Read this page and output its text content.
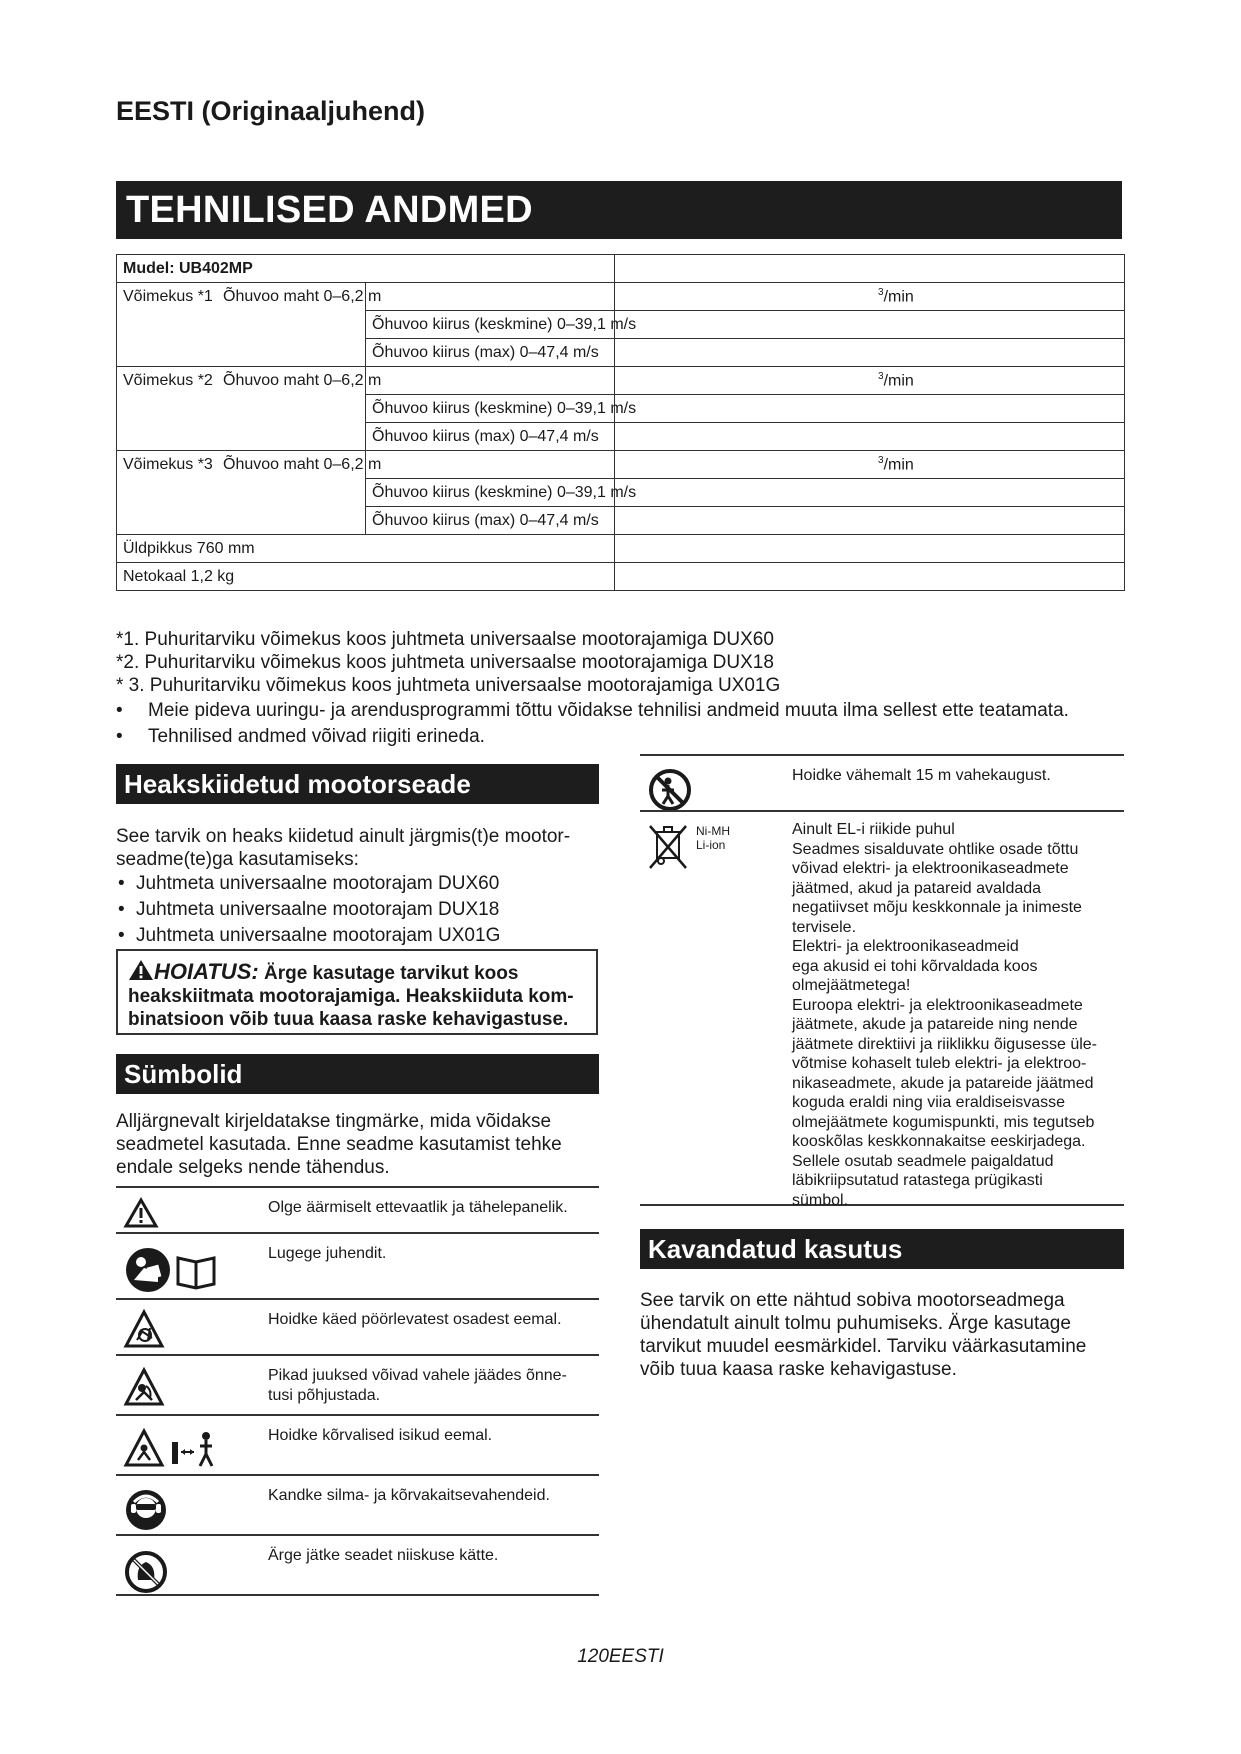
EESTI (Originaaljuhend)
TEHNILISED ANDMED
Mudel: UB402MP		
Võimekus *1	Õhuvoo maht 0–6,2 m	$^3$/min
	Õhuvoo kiirus (keskmine) 0–39,1 m/s	
	Õhuvoo kiirus (max) 0–47,4 m/s	
Võimekus *2	Õhuvoo maht 0–6,2 m	$^3$/min
	Õhuvoo kiirus (keskmine) 0–39,1 m/s	
	Õhuvoo kiirus (max) 0–47,4 m/s	
Võimekus *3	Õhuvoo maht 0–6,2 m	$^3$/min
	Õhuvoo kiirus (keskmine) 0–39,1 m/s	
	Õhuvoo kiirus (max) 0–47,4 m/s	
Üldpikkus 760 mm		
Netokaal 1,2 kg		
*1. Puhuritarviku võimekus koos juhtmeta universaalse mootorajamiga DUX60
*2. Puhuritarviku võimekus koos juhtmeta universaalse mootorajamiga DUX18
* 3. Puhuritarviku võimekus koos juhtmeta universaalse mootorajamiga UX01G
•	Meie pideva uuringu- ja arendusprogrammi tõttu võidakse tehnilisi andmeid muuta ilma sellest ette teatamata.
•	Tehnilised andmed võivad riigiti erineda.
Heakskiidetud mootorseade
See tarvik on heaks kiidetud ainult järgmis(t)e mootor-
seadme(te)ga kasutamiseks:
• Juhtmeta universaalne mootorajam DUX60
• Juhtmeta universaalne mootorajam DUX18
• Juhtmeta universaalne mootorajam UX01G
HOIATUS: Ärge kasutage tarvikut koos
heakskiitmata mootorajamiga. Heakskiiduta kom-
binatsioon võib tuua kaasa raske kehavigastuse.
Sümbolid
Alljärgnevalt kirjeldatakse tingmärke, mida võidakse
seadmetel kasutada. Enne seadme kasutamist tehke
endale selgeks nende tähendus.
Olge äärmiselt ettevaatlik ja tähelepanelik.
Lugege juhendit.
Hoidke käed pöörlevatest osadest eemal.
Pikad juuksed võivad vahele jäädes õnne-
tusi põhjustada.
Hoidke kõrvalised isikud eemal.
Kandke silma- ja kõrvakaitsevahendeid.
Ärge jätke seadet niiskuse kätte.
Hoidke vähemalt 15 m vahekaugust.
Ni-MH
Li-ion
Ainult EL-i riikide puhul
Seadmes sisalduvate ohtlike osade tõttu
võivad elektri- ja elektroonikaseadmete
jäätmed, akud ja patareid avaldada
negatiivset mõju keskkonnale ja inimeste
tervisele.
Elektri- ja elektroonikaseadmeid
ega akusid ei tohi kõrvaldada koos
olmejäätmetega!
Euroopa elektri- ja elektroonikaseadmete
jäätmete, akude ja patareide ning nende
jäätmete direktiivi ja riiklikku õigusesse üle-
võtmise kohaselt tuleb elektri- ja elektroo-
nikaseadmete, akude ja patareide jäätmed
koguda eraldi ning viia eraldiseisvasse
olmejäätmete kogumispunkti, mis tegutseb
kooskõlas keskkonnakaitse eeskirjadega.
Sellele osutab seadmele paigaldatud
läbikriipsutatud ratastega prügikasti
sümbol.
Kavandatud kasutus
See tarvik on ette nähtud sobiva mootorseadmega
ühendatult ainult tolmu puhumiseks. Ärge kasutage
tarvikut muudel eesmärkidel. Tarviku väärkasutamine
võib tuua kaasa raske kehavigastuse.
120EESTI
